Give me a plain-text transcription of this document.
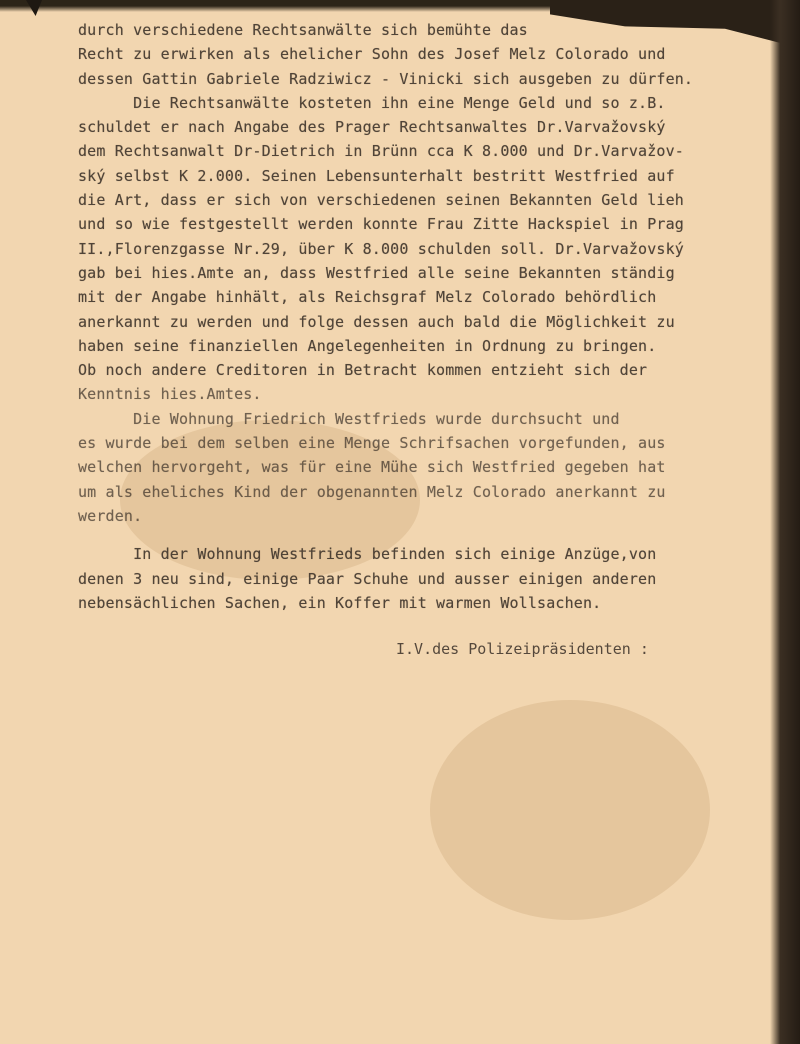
durch verschiedene Rechtsanwälte sich bemühte das
Recht zu erwirken als ehelicher Sohn des Josef Melz Colorado und
dessen Gattin Gabriele Radziwicz - Vinicki sich ausgeben zu dürfen.
Die Rechtsanwälte kosteten ihn eine Menge Geld und so z.B.
schuldet er nach Angabe des Prager Rechtsanwaltes Dr.Varvažovský
dem Rechtsanwalt Dr-Dietrich in Brünn cca K 8.000 und Dr.Varvažov-
ský selbst K 2.000. Seinen Lebensunterhalt bestritt Westfried auf
die Art, dass er sich von verschiedenen seinen Bekannten Geld lieh
und so wie festgestellt werden konnte Frau Zitte Hackspiel in Prag
II.,Florenzgasse Nr.29, über K 8.000 schulden soll. Dr.Varvažovský
gab bei hies.Amte an, dass Westfried alle seine Bekannten ständig
mit der Angabe hinhält, als Reichsgraf Melz Colorado behördlich
anerkannt zu werden und folge dessen auch bald die Möglichkeit zu
haben seine finanziellen Angelegenheiten in Ordnung zu bringen.
Ob noch andere Creditoren in Betracht kommen entzieht sich der
Kenntnis hies.Amtes.
Die Wohnung Friedrich Westfrieds wurde durchsucht und
es wurde bei dem selben eine Menge Schrifsachen vorgefunden, aus
welchen hervorgeht, was für eine Mühe sich Westfried gegeben hat
um als eheliches Kind der obgenannten Melz Colorado anerkannt zu
werden.
In der Wohnung Westfrieds befinden sich einige Anzüge,von
denen 3 neu sind, einige Paar Schuhe und ausser einigen anderen
nebensächlichen Sachen, ein Koffer mit warmen Wollsachen.
I.V.des Polizeipräsidenten :
